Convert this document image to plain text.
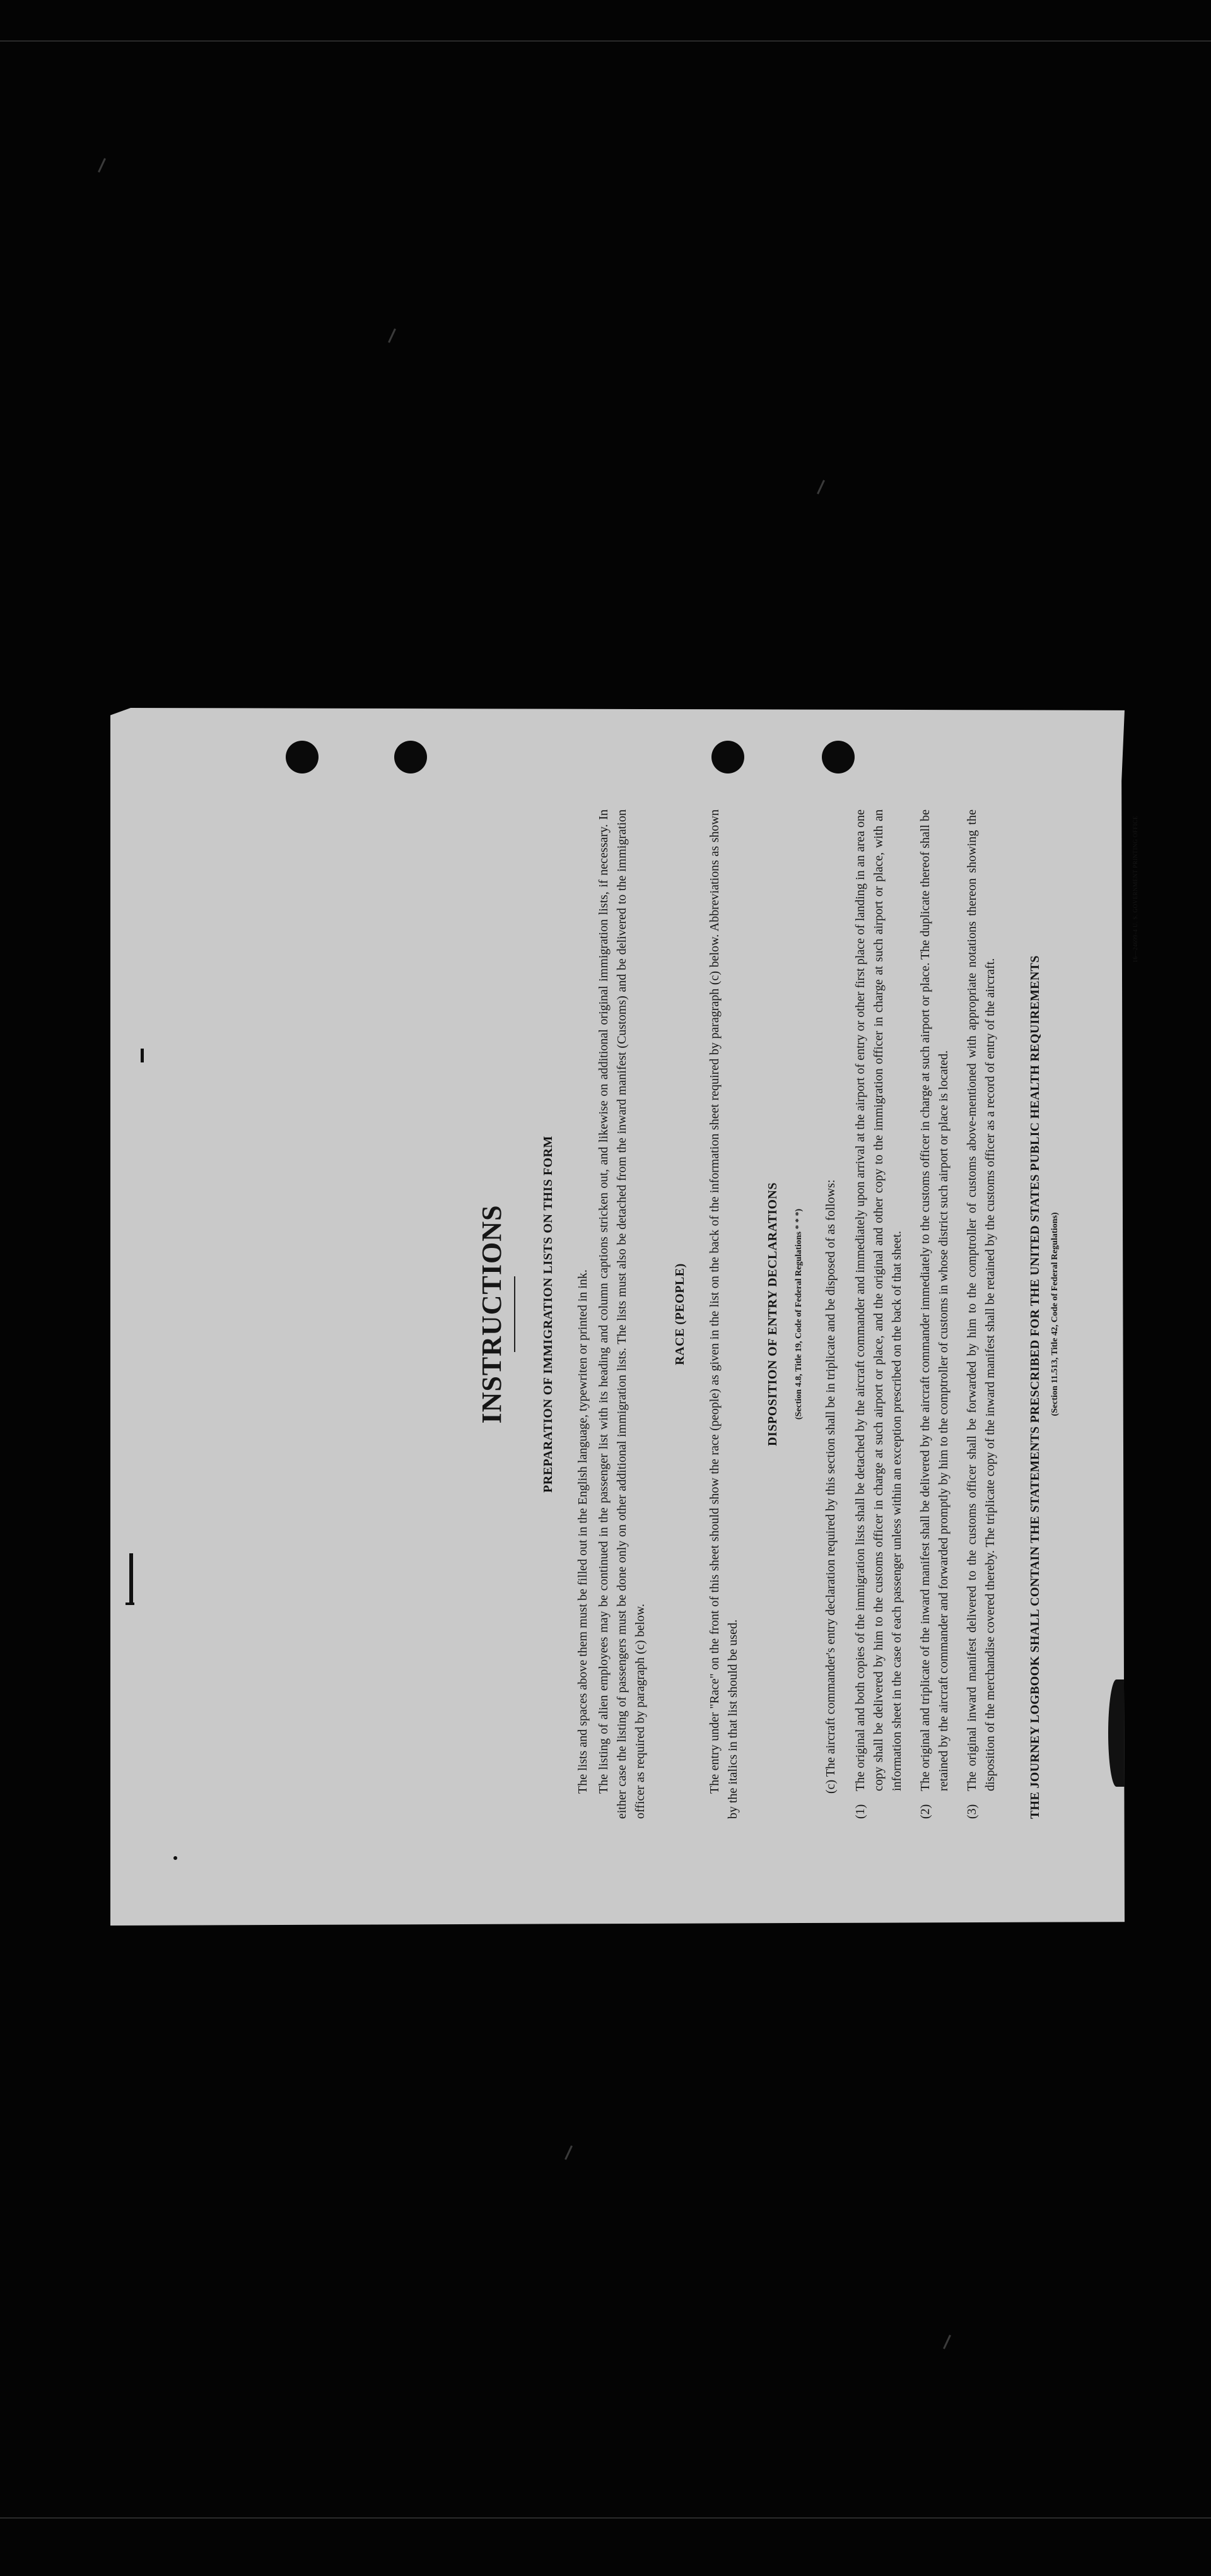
INSTRUCTIONS	PREPARATION OF IMMIGRATION LISTS ON THIS FORM The lists and spaces above them must be filled out in the English language, typewriten or printed in ink. The listing of alien employees may be continued in the passenger list with its heading and column captions stricken out, and likewise on additional original immigration lists, if necessary. In either case the listing of passengers must be done only on other additional immigration lists. The lists must also be detached from the inward manifest (Customs) and be delivered to the immigration officer as required by paragraph (c) below.

RACE (PEOPLE) The entry under "Race" on the front of this sheet should show the race (people) as given in the list on the back of the information sheet required by paragraph (c) below. Abbreviations as shown by the italics in that list should be used.

DISPOSITION OF ENTRY DECLARATIONS	(Section 4.8, Title 19, Code of Federal Regulations * * *)	(c) The aircraft commander's entry declaration required by this section shall be in triplicate and be disposed of as follows:

(1)
The original and both copies of the immigration lists shall be detached by the aircraft commander and immediately upon arrival at the airport of entry or other first place of landing in an area one copy shall be delivered by him to the customs officer in charge at such airport or place, and the original and other copy to the immigration officer in charge at such airport or place, with an information sheet in the case of each passenger unless within an exception prescribed on the back of that sheet.
(2)
The original and triplicate of the inward manifest shall be delivered by the aircraft commander immediately to the customs officer in charge at such airport or place. The duplicate thereof shall be retained by the aircraft commander and forwarded promptly by him to the comptroller of customs in whose district such airport or place is located.
(3)
The original inward manifest delivered to the customs officer shall be forwarded by him to the comptroller of customs above-mentioned with appropriate notations thereon showing the disposition of the merchandise covered thereby. The triplicate copy of the inward manifest shall be retained by the customs officer as a record of entry of the aircraft. THE JOURNEY LOGBOOK SHALL CONTAIN THE STATEMENTS PRESCRIBED FOR THE UNITED STATES PUBLIC HEALTH REQUIREMENTS (Section 11.513, Title 42, Code of Federal Regulations)
16—24699-4 U. S. GOVERNMENT PRINTING OFFICE
